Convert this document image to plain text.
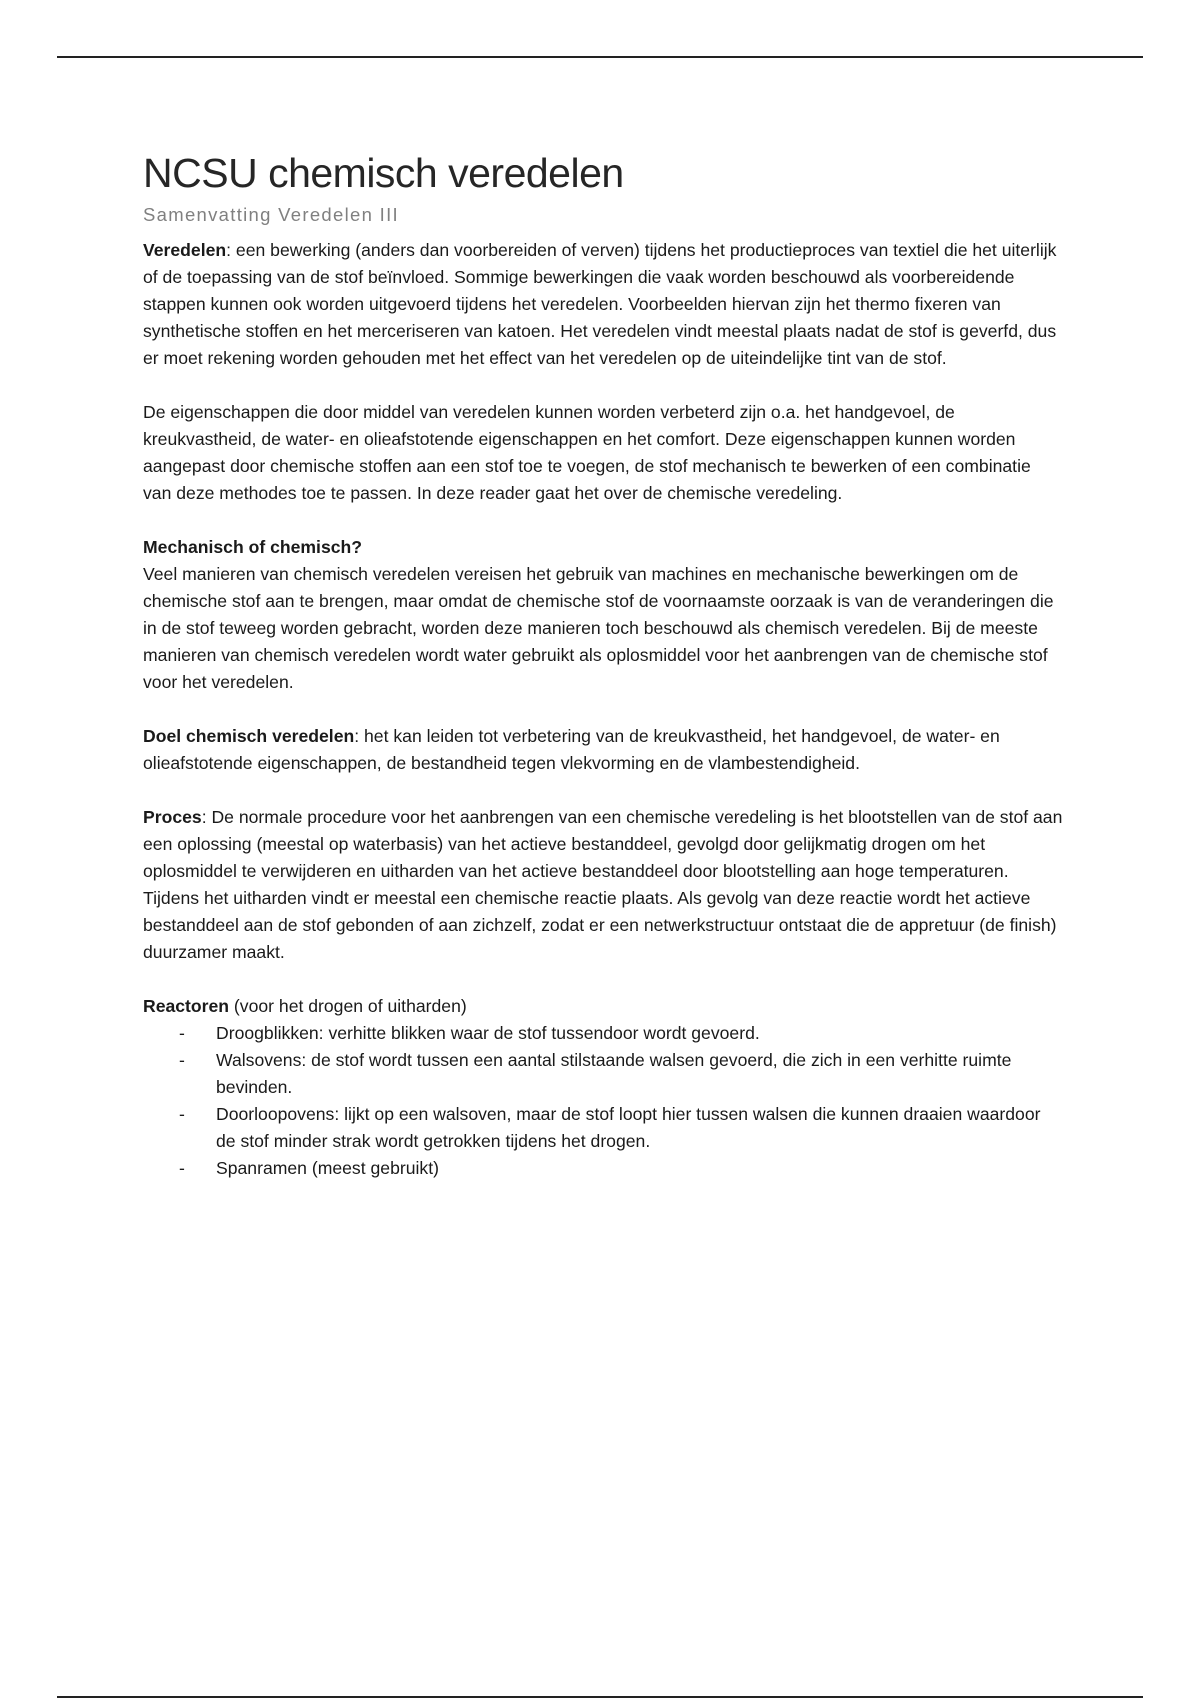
NCSU chemisch veredelen
Samenvatting Veredelen III

Veredelen: een bewerking (anders dan voorbereiden of verven) tijdens het productieproces van textiel die het uiterlijk of de toepassing van de stof beïnvloed. Sommige bewerkingen die vaak worden beschouwd als voorbereidende stappen kunnen ook worden uitgevoerd tijdens het veredelen. Voorbeelden hiervan zijn het thermo fixeren van synthetische stoffen en het merceriseren van katoen. Het veredelen vindt meestal plaats nadat de stof is geverfd, dus er moet rekening worden gehouden met het effect van het veredelen op de uiteindelijke tint van de stof.

De eigenschappen die door middel van veredelen kunnen worden verbeterd zijn o.a. het handgevoel, de kreukvastheid, de water- en olieafstotende eigenschappen en het comfort. Deze eigenschappen kunnen worden aangepast door chemische stoffen aan een stof toe te voegen, de stof mechanisch te bewerken of een combinatie van deze methodes toe te passen. In deze reader gaat het over de chemische veredeling.

Mechanisch of chemisch?

Veel manieren van chemisch veredelen vereisen het gebruik van machines en mechanische bewerkingen om de chemische stof aan te brengen, maar omdat de chemische stof de voornaamste oorzaak is van de veranderingen die in de stof teweeg worden gebracht, worden deze manieren toch beschouwd als chemisch veredelen. Bij de meeste manieren van chemisch veredelen wordt water gebruikt als oplosmiddel voor het aanbrengen van de chemische stof voor het veredelen.

Doel chemisch veredelen: het kan leiden tot verbetering van de kreukvastheid, het handgevoel, de water- en olieafstotende eigenschappen, de bestandheid tegen vlekvorming en de vlambestendigheid.

Proces: De normale procedure voor het aanbrengen van een chemische veredeling is het blootstellen van de stof aan een oplossing (meestal op waterbasis) van het actieve bestanddeel, gevolgd door gelijkmatig drogen om het oplosmiddel te verwijderen en uitharden van het actieve bestanddeel door blootstelling aan hoge temperaturen. Tijdens het uitharden vindt er meestal een chemische reactie plaats. Als gevolg van deze reactie wordt het actieve bestanddeel aan de stof gebonden of aan zichzelf, zodat er een netwerkstructuur ontstaat die de appretuur (de finish) duurzamer maakt.

Reactoren (voor het drogen of uitharden)

- Droogblikken: verhitte blikken waar de stof tussendoor wordt gevoerd.
- Walsovens: de stof wordt tussen een aantal stilstaande walsen gevoerd, die zich in een verhitte ruimte bevinden.
- Doorloopovens: lijkt op een walsoven, maar de stof loopt hier tussen walsen die kunnen draaien waardoor de stof minder strak wordt getrokken tijdens het drogen.
- Spanramen (meest gebruikt)
